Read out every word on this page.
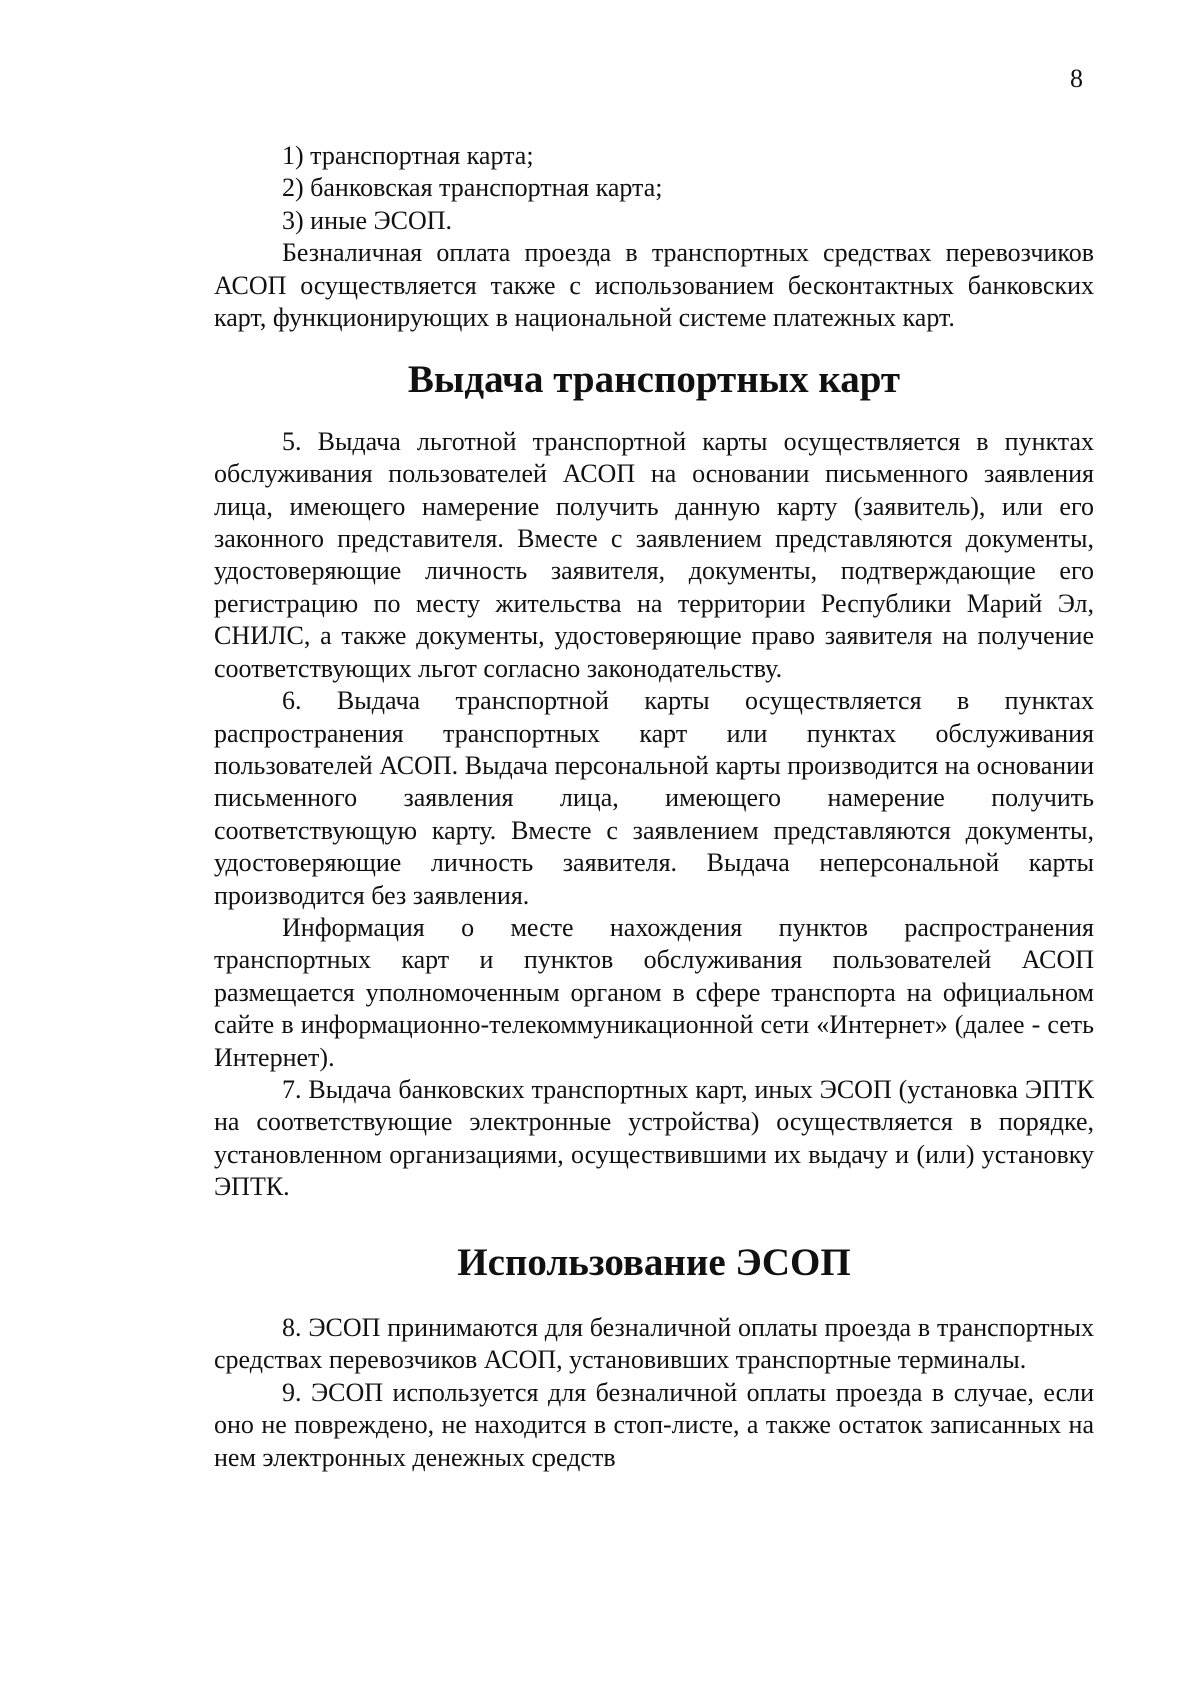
8

1) транспортная карта;

2) банковская транспортная карта;

3) иные ЭСОП.

Безналичная оплата проезда в транспортных средствах перевозчиков АСОП осуществляется также с использованием бесконтактных банковских карт, функционирующих в национальной системе платежных карт.

Выдача транспортных карт

5. Выдача льготной транспортной карты осуществляется в пунктах обслуживания пользователей АСОП на основании письменного заявления лица, имеющего намерение получить данную карту (заявитель), или его законного представителя. Вместе с заявлением представляются документы, удостоверяющие личность заявителя, документы, подтверждающие его регистрацию по месту жительства на территории Республики Марий Эл, СНИЛС, а также документы, удостоверяющие право заявителя на получение соответствующих льгот согласно законодательству.

6. Выдача транспортной карты осуществляется в пунктах распространения транспортных карт или пунктах обслуживания пользователей АСОП. Выдача персональной карты производится на основании письменного заявления лица, имеющего намерение получить соответствующую карту. Вместе с заявлением представляются документы, удостоверяющие личность заявителя. Выдача неперсональной карты производится без заявления.

Информация о месте нахождения пунктов распространения транспортных карт и пунктов обслуживания пользователей АСОП размещается уполномоченным органом в сфере транспорта на официальном сайте в информационно-телекоммуникационной сети «Интернет» (далее - сеть Интернет).

7. Выдача банковских транспортных карт, иных ЭСОП (установка ЭПТК на соответствующие электронные устройства) осуществляется в порядке, установленном организациями, осуществившими их выдачу и (или) установку ЭПТК.

Использование ЭСОП

8. ЭСОП принимаются для безналичной оплаты проезда в транспортных средствах перевозчиков АСОП, установивших транспортные терминалы.

9. ЭСОП используется для безналичной оплаты проезда в случае, если оно не повреждено, не находится в стоп-листе, а также остаток записанных на нем электронных денежных средств
